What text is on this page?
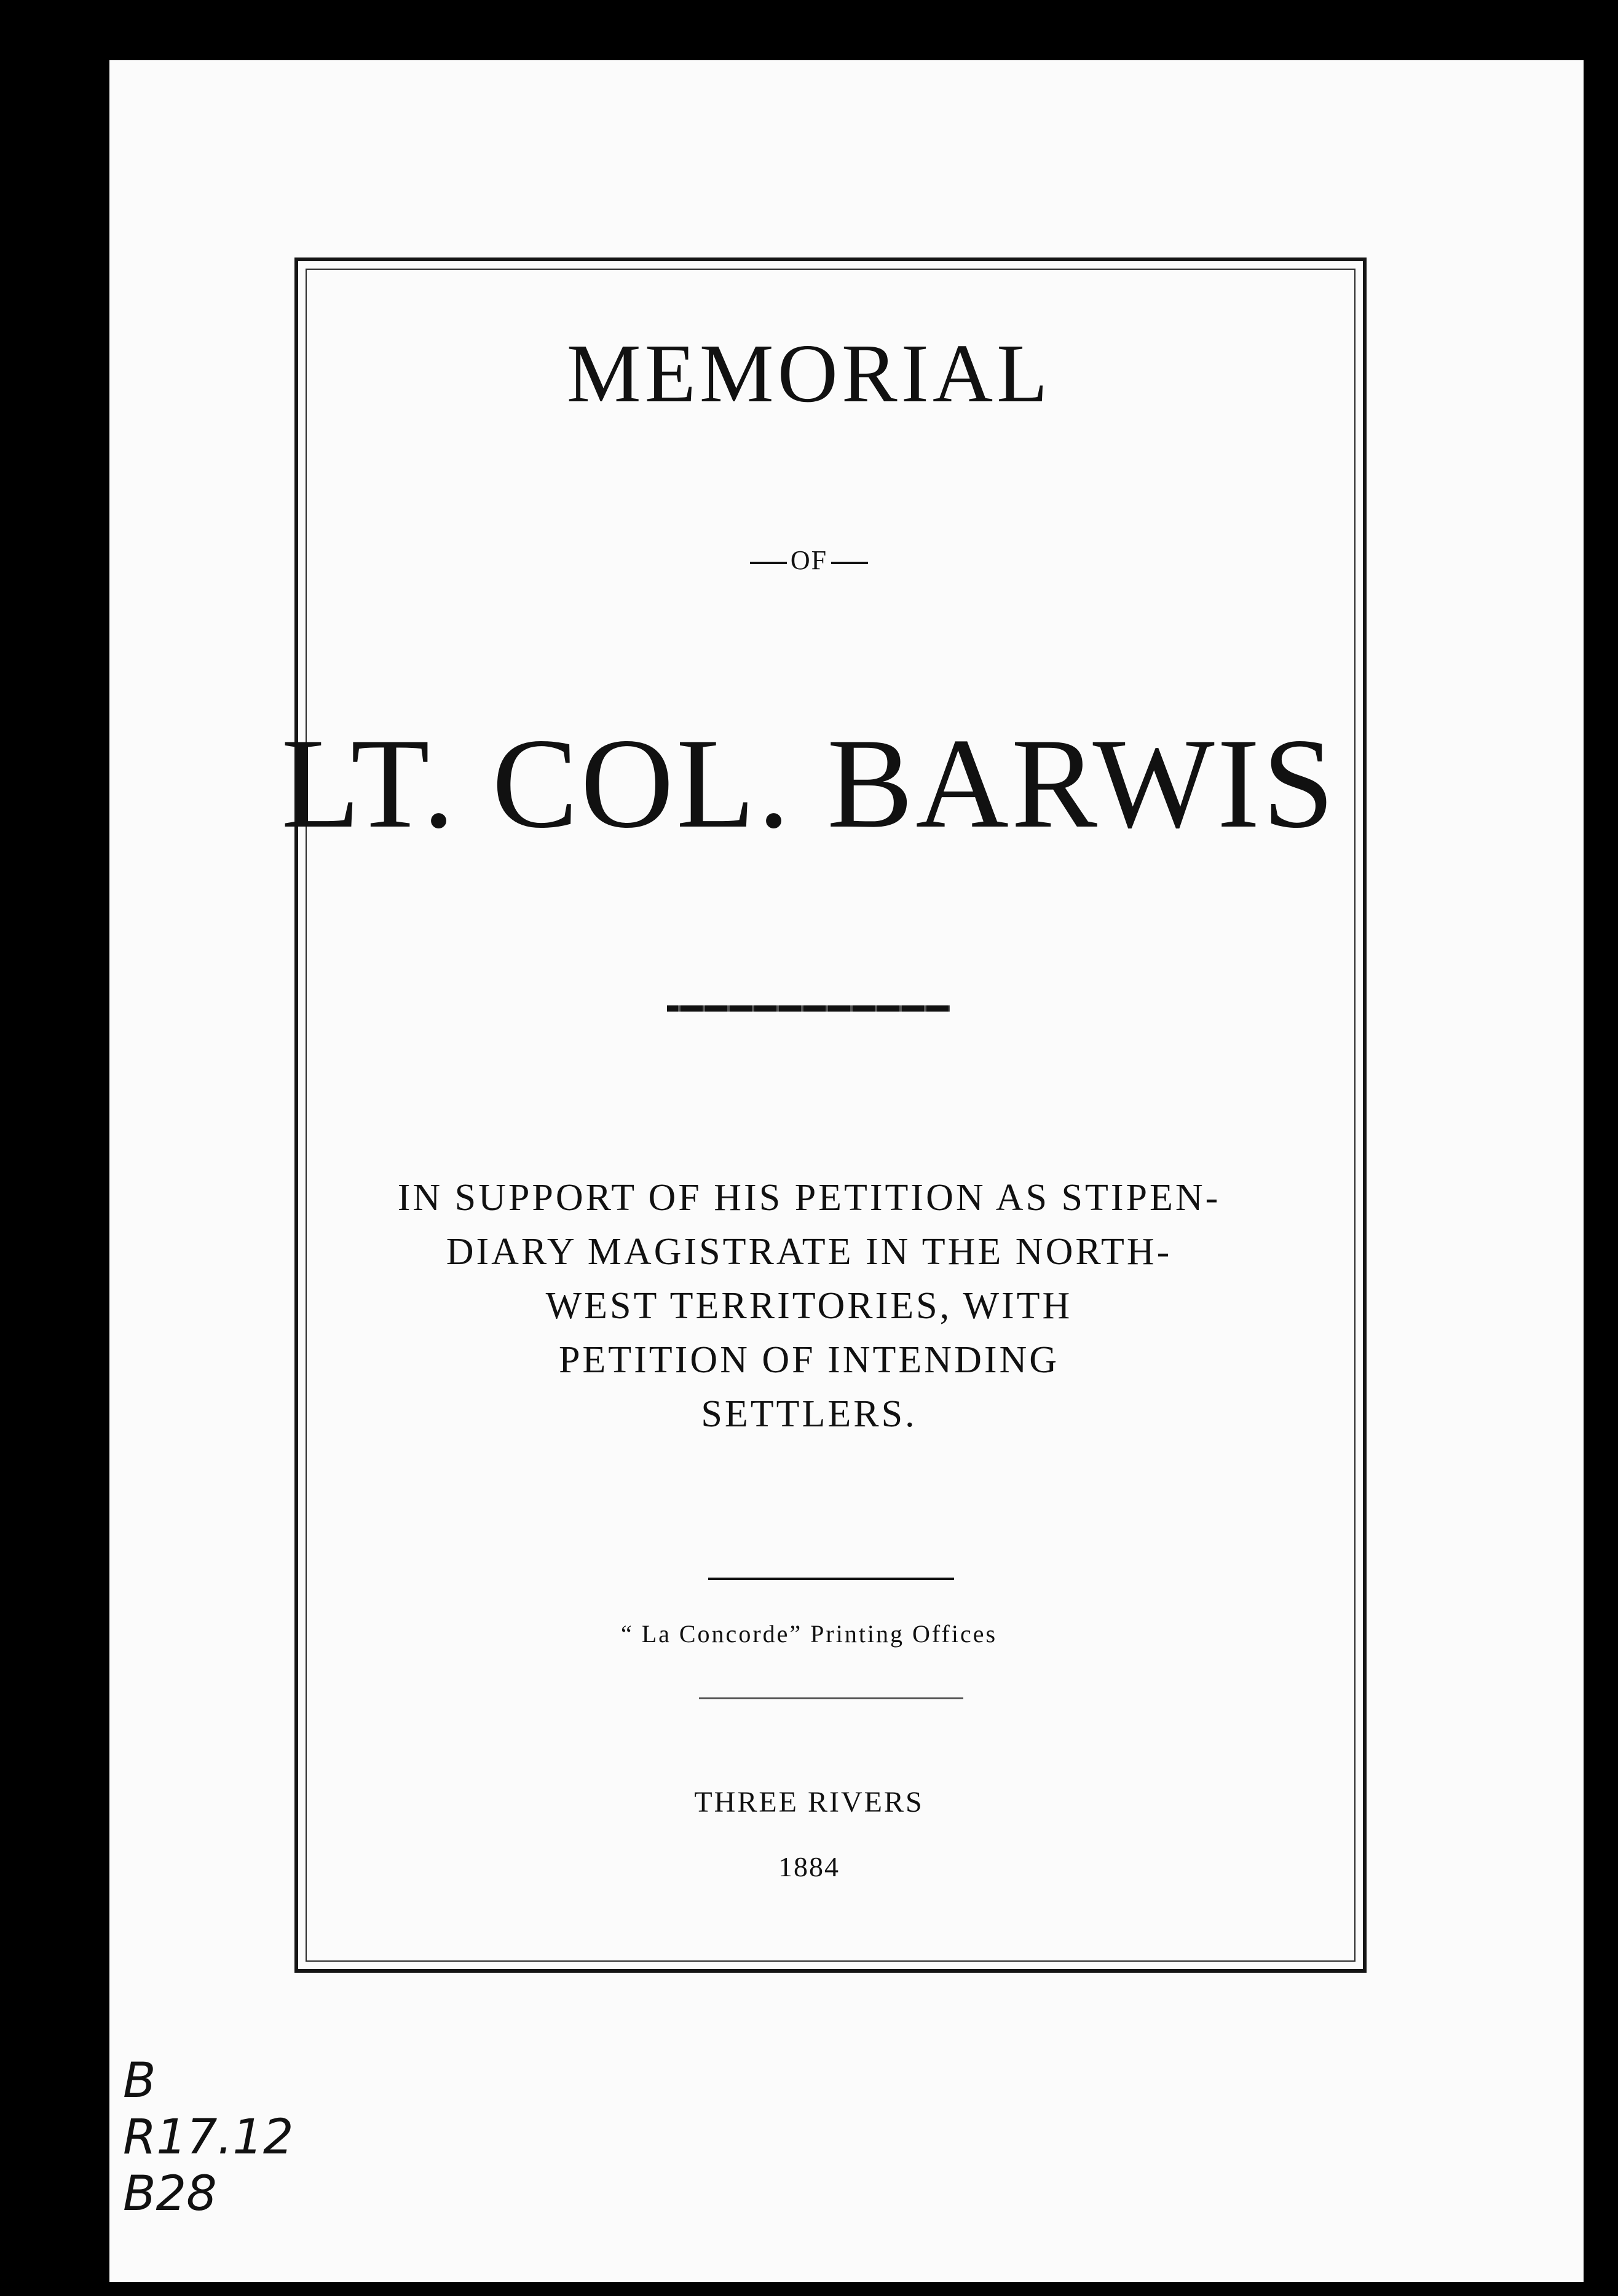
MEMORIAL
OF
LT. COL. BARWIS
IN SUPPORT OF HIS PETITION AS STIPEN-
DIARY MAGISTRATE IN THE NORTH-
WEST TERRITORIES, WITH
PETITION OF INTENDING
SETTLERS.
“ La Concorde” Printing Offices
THREE RIVERS
1884
B
R17.12
B28
